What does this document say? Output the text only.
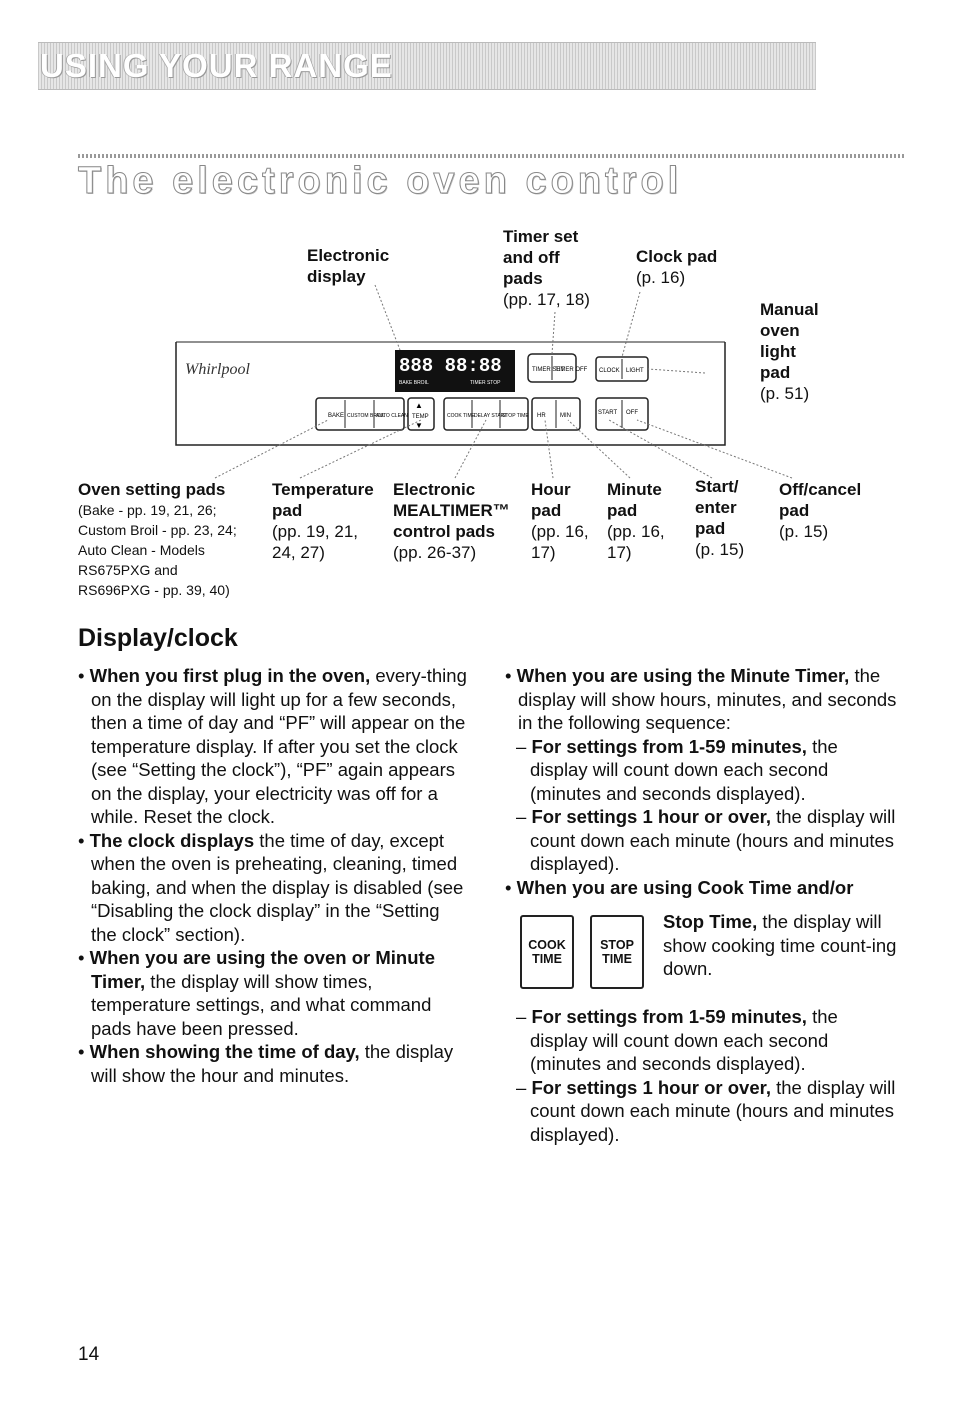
USING YOUR RANGE
The electronic oven control
Whirlpool	888 88:88
BAKE BROIL	TIMER STOP
TIMER SET
TIMER OFF CLOCK LIGHT
BAKE CUSTOM BROIL
AUTO CLEAN TEMP
▲
▼
COOK TIME DELAY START
STOP TIME HR MIN	START OFF
Electronic
display
Timer set
and off
pads
(pp. 17, 18)
Clock pad
(p. 16)
Manual
oven
light
pad
(p. 51)
Oven setting pads
(Bake - pp. 19, 21, 26;
Custom Broil - pp. 23, 24;
Auto Clean - Models
RS675PXG and
RS696PXG - pp. 39, 40)
Temperature
pad
(pp. 19, 21,
24, 27)
Electronic
MEALTIMER™
control pads
(pp. 26-37)
Hour
pad
(pp. 16,
17)
Minute
pad
(pp. 16,
17)
Start/
enter
pad
(p. 15)
Off/cancel
pad
(p. 15)
Display/clock

• When you first plug in the oven, every-thing on the display will light up for a few seconds, then a time of day and “PF” will appear on the temperature display. If after you set the clock (see “Setting the clock”), “PF” again appears on the display, your electricity was off for a while. Reset the clock.

• The clock displays the time of day, except when the oven is preheating, cleaning, timed baking, and when the display is disabled (see “Disabling the clock display” in the “Setting the clock” section).

• When you are using the oven or Minute Timer, the display will show times, temperature settings, and what command pads have been pressed.

• When showing the time of day, the display will show the hour and minutes.

• When you are using the Minute Timer, the display will show hours, minutes, and seconds in the following sequence:

– For settings from 1-59 minutes, the display will count down each second (minutes and seconds displayed).

– For settings 1 hour or over, the display will count down each minute (hours and minutes displayed).

• When you are using Cook Time and/or

COOK
TIME
STOP
TIME

Stop Time, the display will show cooking time count-ing down.

– For settings from 1-59 minutes, the display will count down each second (minutes and seconds displayed).

– For settings 1 hour or over, the display will count down each minute (hours and minutes displayed).

14
